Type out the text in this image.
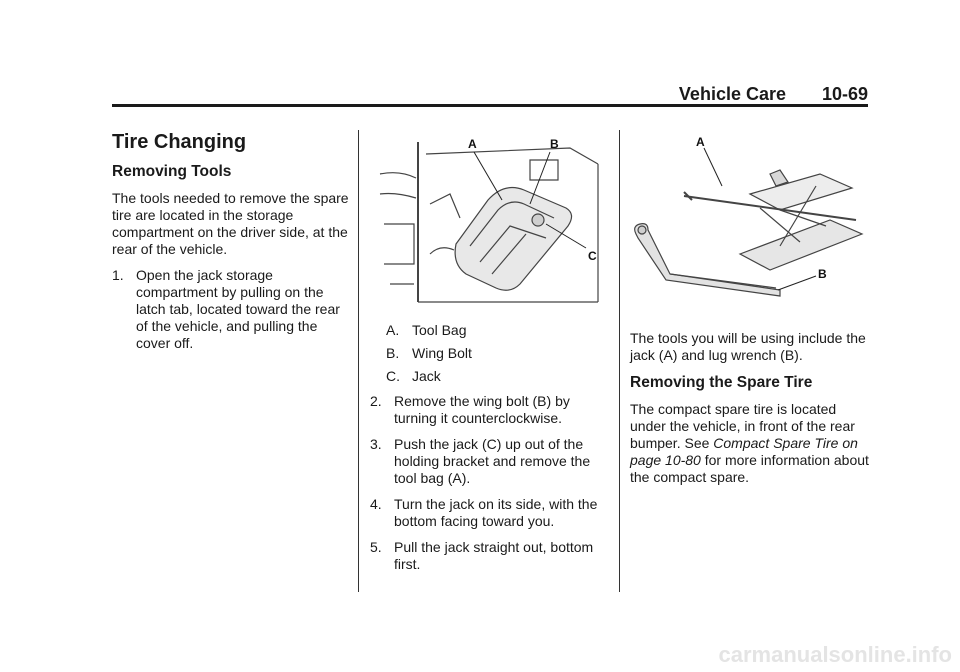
Vehicle Care 10-69
Tire Changing
Removing Tools

The tools needed to remove the spare tire are located in the storage compartment on the driver side, at the rear of the vehicle.

1. Open the jack storage compartment by pulling on the latch tab, located toward the rear of the vehicle, and pulling the cover off.
A	B
C
A. Tool Bag
B. Wing Bolt
C. Jack
2. Remove the wing bolt (B) by turning it counterclockwise.
3. Push the jack (C) up out of the holding bracket and remove the tool bag (A).
4. Turn the jack on its side, with the bottom facing toward you.
5. Pull the jack straight out, bottom first.
A
B

The tools you will be using include the jack (A) and lug wrench (B).

Removing the Spare Tire

The compact spare tire is located under the vehicle, in front of the rear bumper. See Compact Spare Tire on page 10-80 for more information about the compact spare.

carmanualsonline.info
